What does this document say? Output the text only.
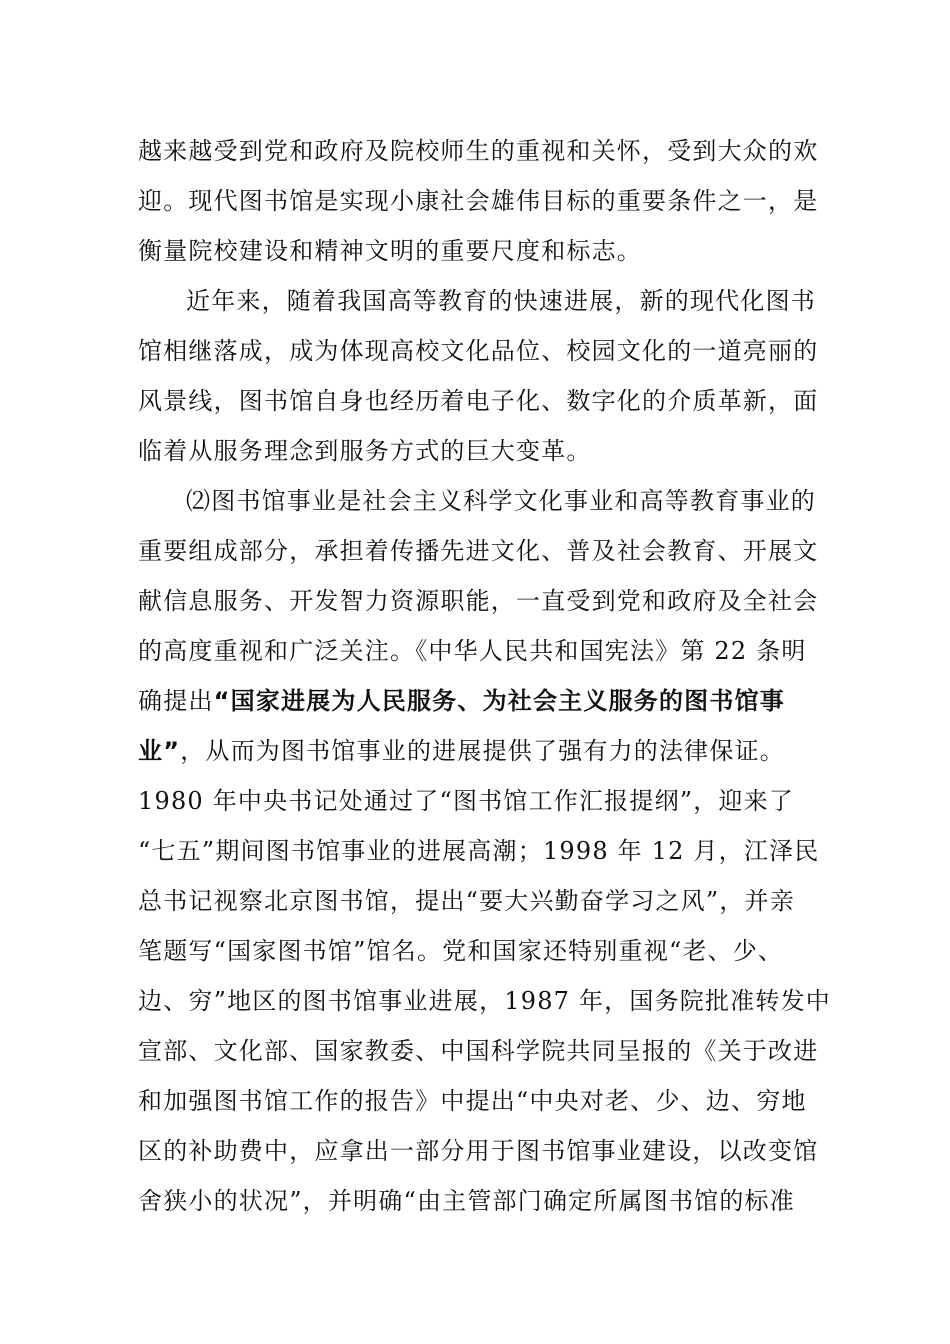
越来越受到党和政府及院校师生的重视和关怀，受到大众的欢
迎。现代图书馆是实现小康社会雄伟目标的重要条件之一，是
衡量院校建设和精神文明的重要尺度和标志。
近年来，随着我国高等教育的快速进展，新的现代化图书
馆相继落成，成为体现高校文化品位、校园文化的一道亮丽的
风景线，图书馆自身也经历着电子化、数字化的介质革新，面
临着从服务理念到服务方式的巨大变革。
⑵图书馆事业是社会主义科学文化事业和高等教育事业的
重要组成部分，承担着传播先进文化、普及社会教育、开展文
献信息服务、开发智力资源职能，一直受到党和政府及全社会
的高度重视和广泛关注。《中华人民共和国宪法》第 22 条明
确提出“国家进展为人民服务、为社会主义服务的图书馆事
业”，从而为图书馆事业的进展提供了强有力的法律保证。
1980 年中央书记处通过了“图书馆工作汇报提纲”，迎来了
“七五”期间图书馆事业的进展高潮；1998 年 12 月，江泽民
总书记视察北京图书馆，提出“要大兴勤奋学习之风”，并亲
笔题写“国家图书馆”馆名。党和国家还特别重视“老、少、
边、穷”地区的图书馆事业进展，1987 年，国务院批准转发中
宣部、文化部、国家教委、中国科学院共同呈报的《关于改进
和加强图书馆工作的报告》中提出“中央对老、少、边、穷地
区的补助费中，应拿出一部分用于图书馆事业建设，以改变馆
舍狭小的状况”，并明确“由主管部门确定所属图书馆的标准
